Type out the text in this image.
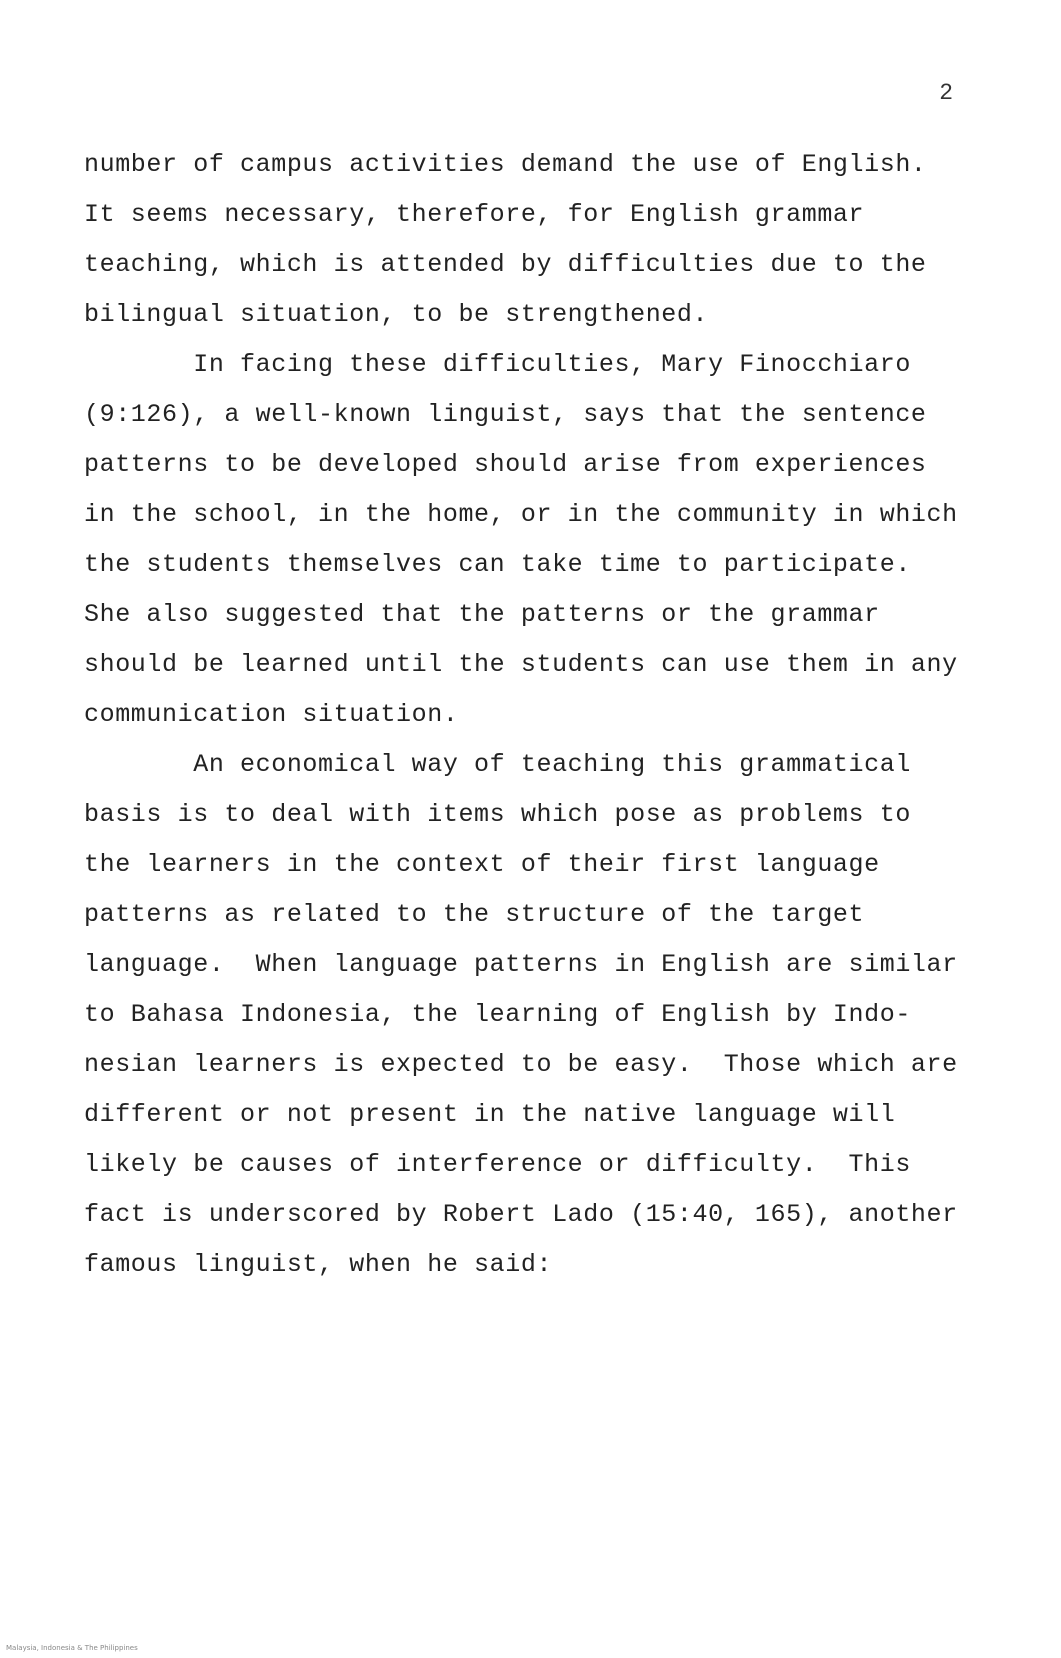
2
number of campus activities demand the use of English.
It seems necessary, therefore, for English grammar
teaching, which is attended by difficulties due to the
bilingual situation, to be strengthened.
In facing these difficulties, Mary Finocchiaro
(9:126), a well-known linguist, says that the sentence
patterns to be developed should arise from experiences
in the school, in the home, or in the community in which
the students themselves can take time to participate.
She also suggested that the patterns or the grammar
should be learned until the students can use them in any
communication situation.
An economical way of teaching this grammatical
basis is to deal with items which pose as problems to
the learners in the context of their first language
patterns as related to the structure of the target
language.  When language patterns in English are similar
to Bahasa Indonesia, the learning of English by Indo-
nesian learners is expected to be easy.  Those which are
different or not present in the native language will
likely be causes of interference or difficulty.  This
fact is underscored by Robert Lado (15:40, 165), another
famous linguist, when he said:
Malaysia, Indonesia & The Philippines
